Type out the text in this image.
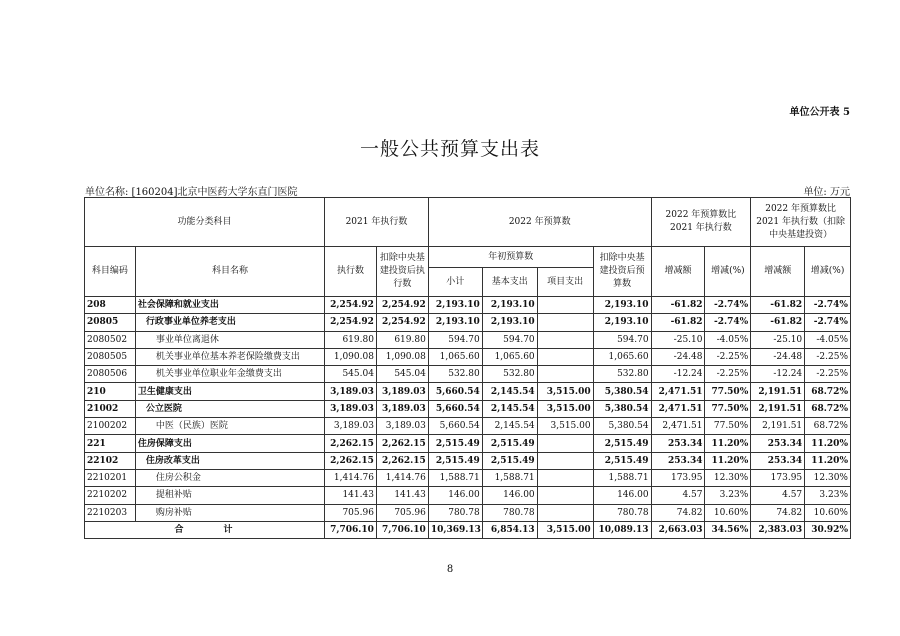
单位公开表 5
一般公共预算支出表
单位名称: [160204]北京中医药大学东直门医院	单位: 万元
功能分类科目		2021 年执行数		2022 年预算数				2022 年预算数比 2021 年执行数		2022 年预算数比 2021 年执行数（扣除中央基建投资）	
科目编码	科目名称	执行数	扣除中央基建投资后执行数	年初预算数			扣除中央基建投资后预算数	增减额	增减(%)	增减额	增减(%)
				小计	基本支出	项目支出					
208	社会保障和就业支出	2,254.92	2,254.92	2,193.10	2,193.10		2,193.10	-61.82	-2.74%	-61.82	-2.74%
20805	行政事业单位养老支出	2,254.92	2,254.92	2,193.10	2,193.10		2,193.10	-61.82	-2.74%	-61.82	-2.74%
2080502	事业单位离退休	619.80	619.80	594.70	594.70		594.70	-25.10	-4.05%	-25.10	-4.05%
2080505	机关事业单位基本养老保险缴费支出	1,090.08	1,090.08	1,065.60	1,065.60		1,065.60	-24.48	-2.25%	-24.48	-2.25%
2080506	机关事业单位职业年金缴费支出	545.04	545.04	532.80	532.80		532.80	-12.24	-2.25%	-12.24	-2.25%
210	卫生健康支出	3,189.03	3,189.03	5,660.54	2,145.54	3,515.00	5,380.54	2,471.51	77.50%	2,191.51	68.72%
21002	公立医院	3,189.03	3,189.03	5,660.54	2,145.54	3,515.00	5,380.54	2,471.51	77.50%	2,191.51	68.72%
2100202	中医（民族）医院	3,189.03	3,189.03	5,660.54	2,145.54	3,515.00	5,380.54	2,471.51	77.50%	2,191.51	68.72%
221	住房保障支出	2,262.15	2,262.15	2,515.49	2,515.49		2,515.49	253.34	11.20%	253.34	11.20%
22102	住房改革支出	2,262.15	2,262.15	2,515.49	2,515.49		2,515.49	253.34	11.20%	253.34	11.20%
2210201	住房公积金	1,414.76	1,414.76	1,588.71	1,588.71		1,588.71	173.95	12.30%	173.95	12.30%
2210202	提租补贴	141.43	141.43	146.00	146.00		146.00	4.57	3.23%	4.57	3.23%
2210203	购房补贴	705.96	705.96	780.78	780.78		780.78	74.82	10.60%	74.82	10.60%
合计		7,706.10	7,706.10	10,369.13	6,854.13	3,515.00	10,089.13	2,663.03	34.56%	2,383.03	30.92%
8
